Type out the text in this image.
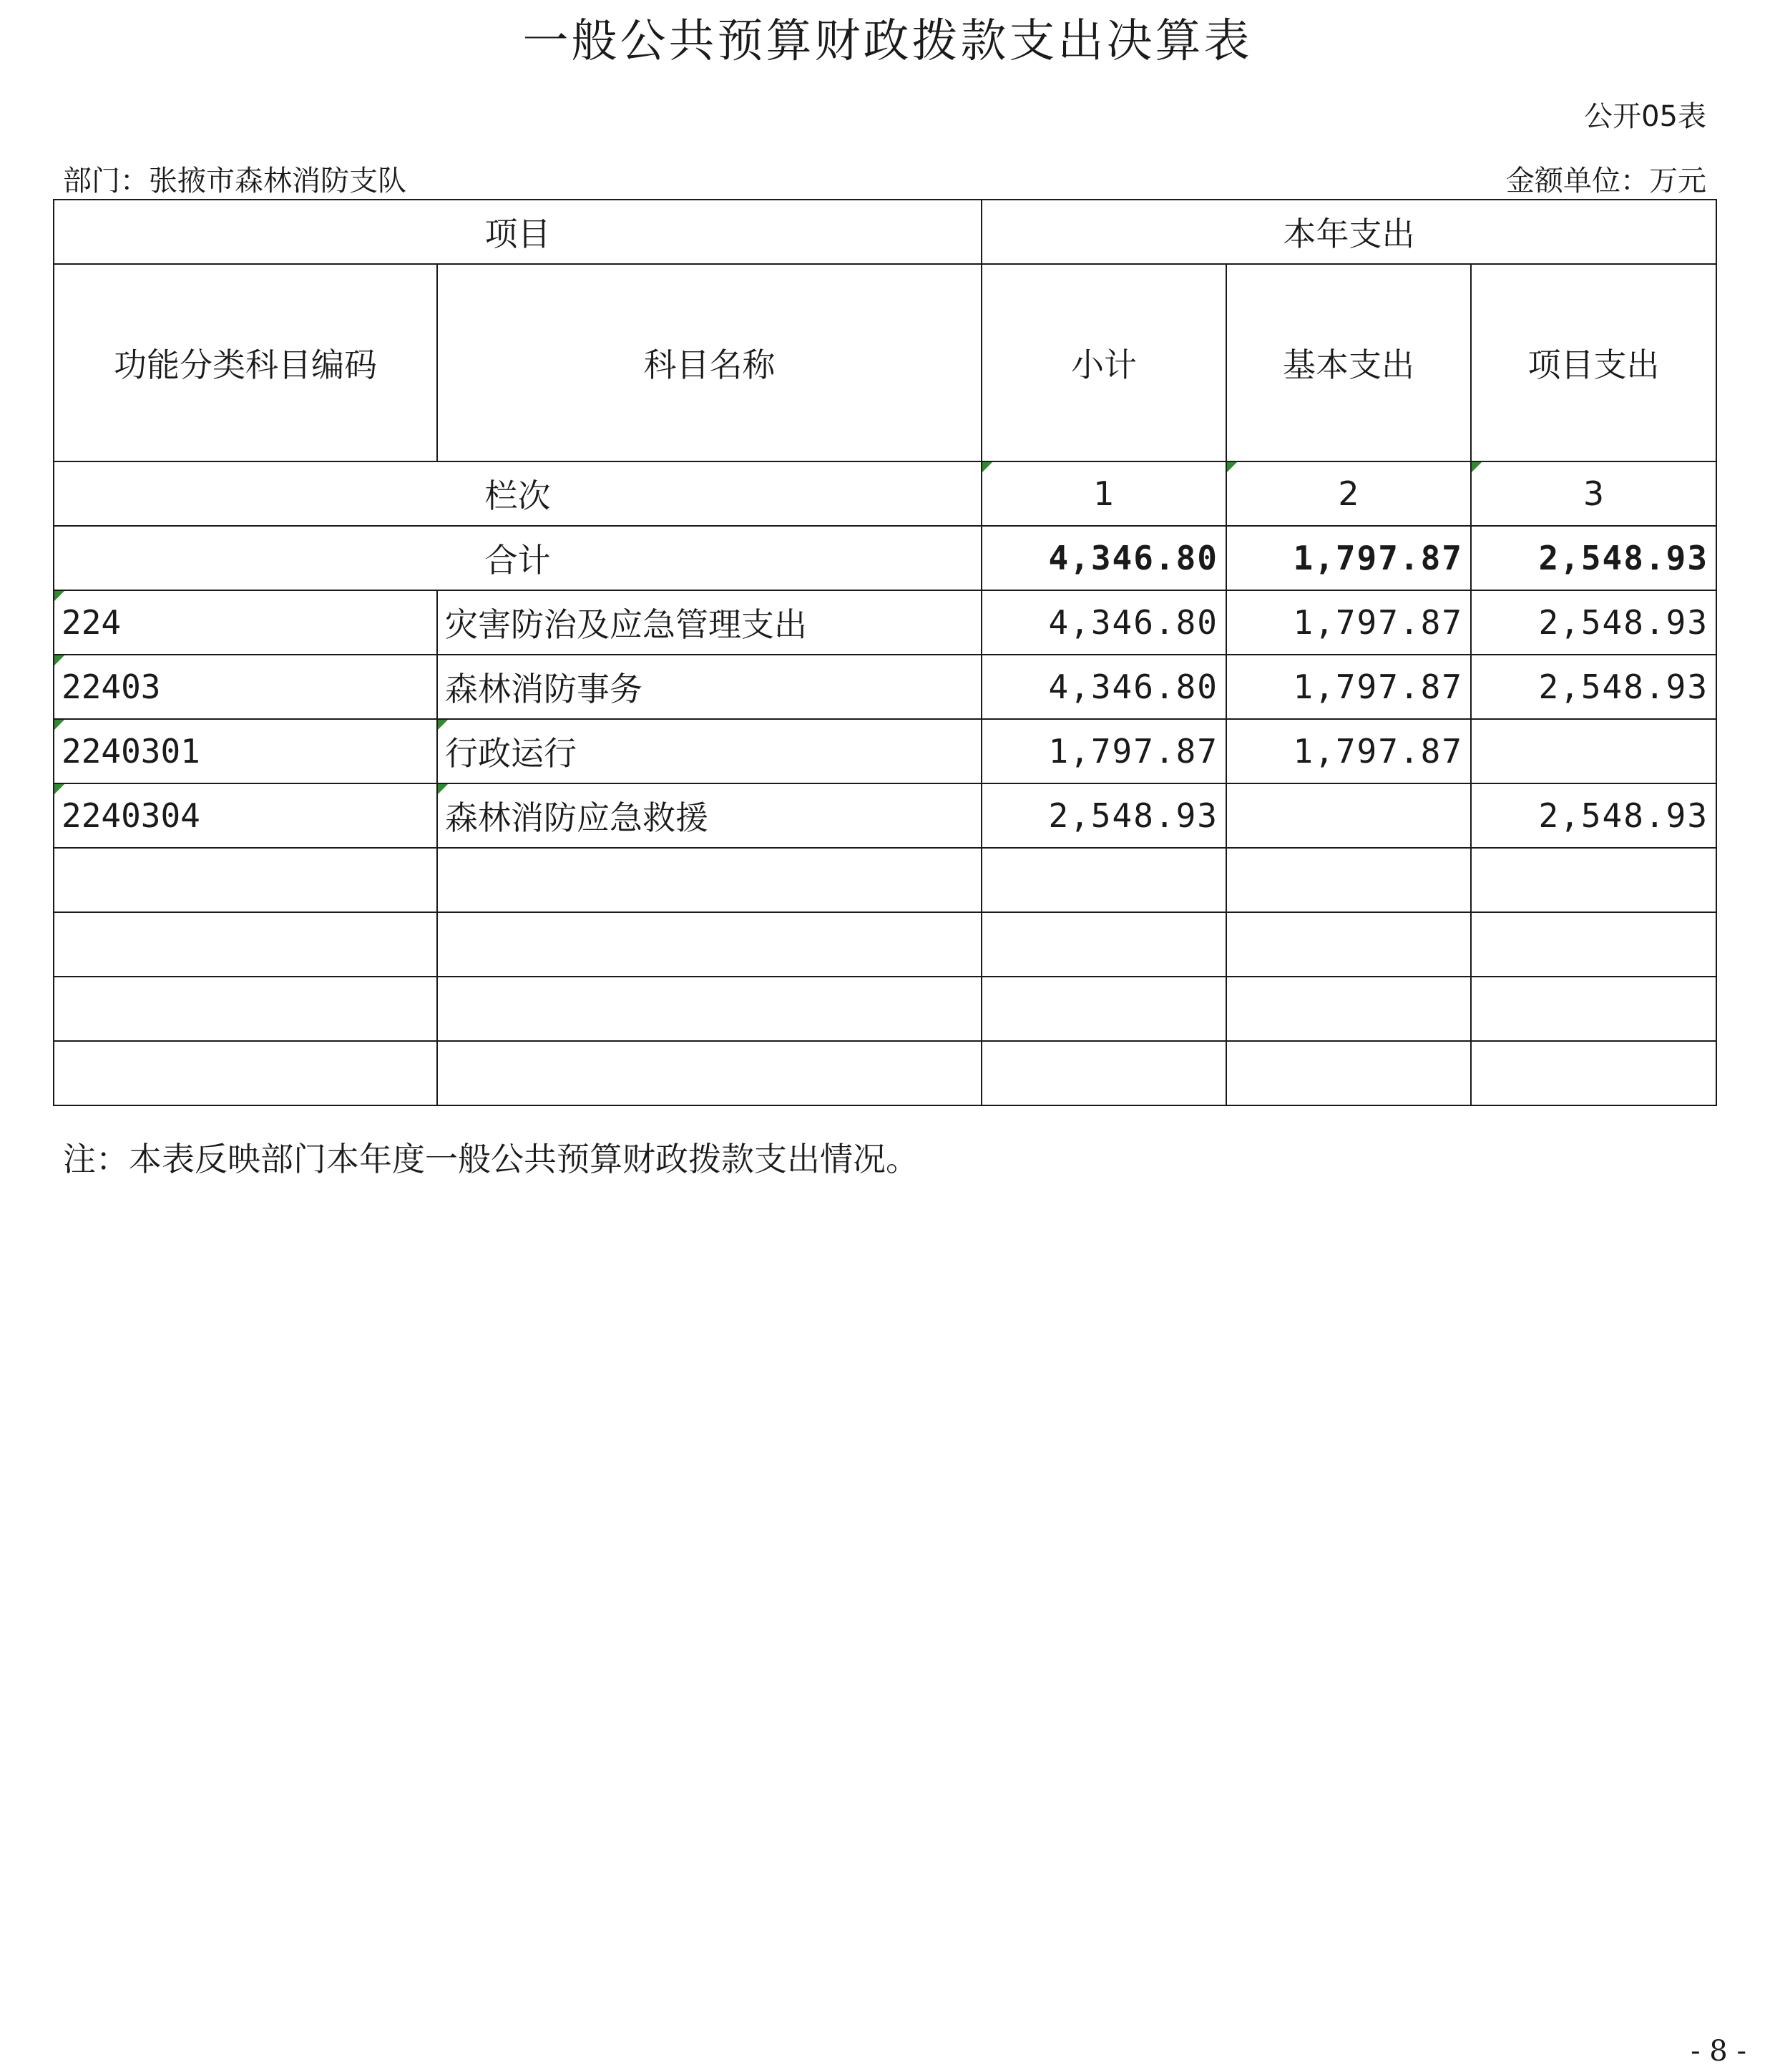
一般公共预算财政拨款支出决算表
公开05表
部门：张掖市森林消防支队	金额单位：万元
项目		本年支出		
功能分类科目编码	科目名称	小计	基本支出	项目支出
栏次		1	2	3
合计		4,346.80	1,797.87	2,548.93
224	灾害防治及应急管理支出	4,346.80	1,797.87	2,548.93
22403	森林消防事务	4,346.80	1,797.87	2,548.93
2240301	行政运行	1,797.87	1,797.87	
2240304	森林消防应急救援	2,548.93		2,548.93

注：本表反映部门本年度一般公共预算财政拨款支出情况。
- 8 -
